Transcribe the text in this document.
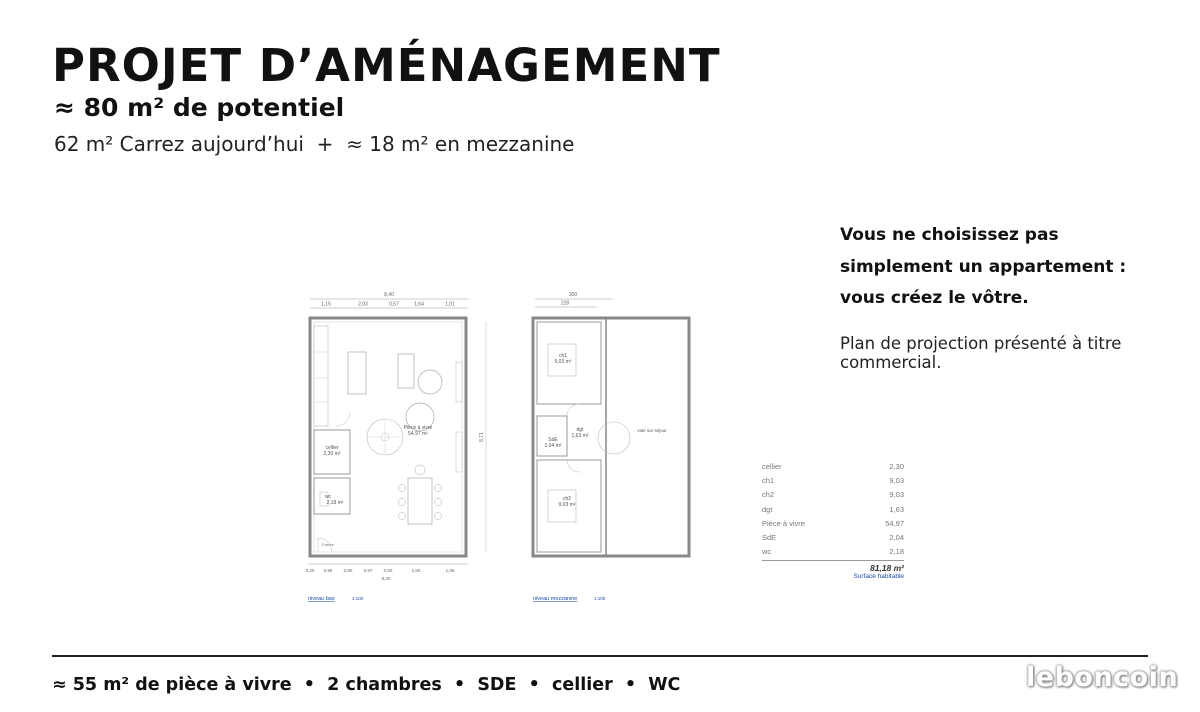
PROJET D’AMÉNAGEMENT
≈ 80 m² de potentiel
62 m² Carrez aujourd’hui  +  ≈ 18 m² en mezzanine
Vous ne choisissez pas
simplement un appartement :
vous créez le vôtre.
Plan de projection présenté à titre commercial.
8,40
1,15	2,03	0,57	1,64	1,01
Pièce à vivre
54,97 m²
cellier
2,30 m²
wc
2,18 m²
Entrée
8,71
0,20 0,95 0,90 0,97 0,50	1,60	1,06
8,40
niveau bas	1:100
300
228
ch1
9,03 m²
dgt
1,63 m²
SdE
2,04 m²
ch2
9,03 m²
vide sur séjour
niveau mezzanine	1:100
cellier	2,30
ch1	9,03
ch2	9,03
dgt	1,63
Pièce à vivre	54,97
SdE	2,04
wc	2,18
81,18 m²
Surface habitable
≈ 55 m² de pièce à vivre  •  2 chambres  •  SDE  •  cellier  •  WC	leboncoin
